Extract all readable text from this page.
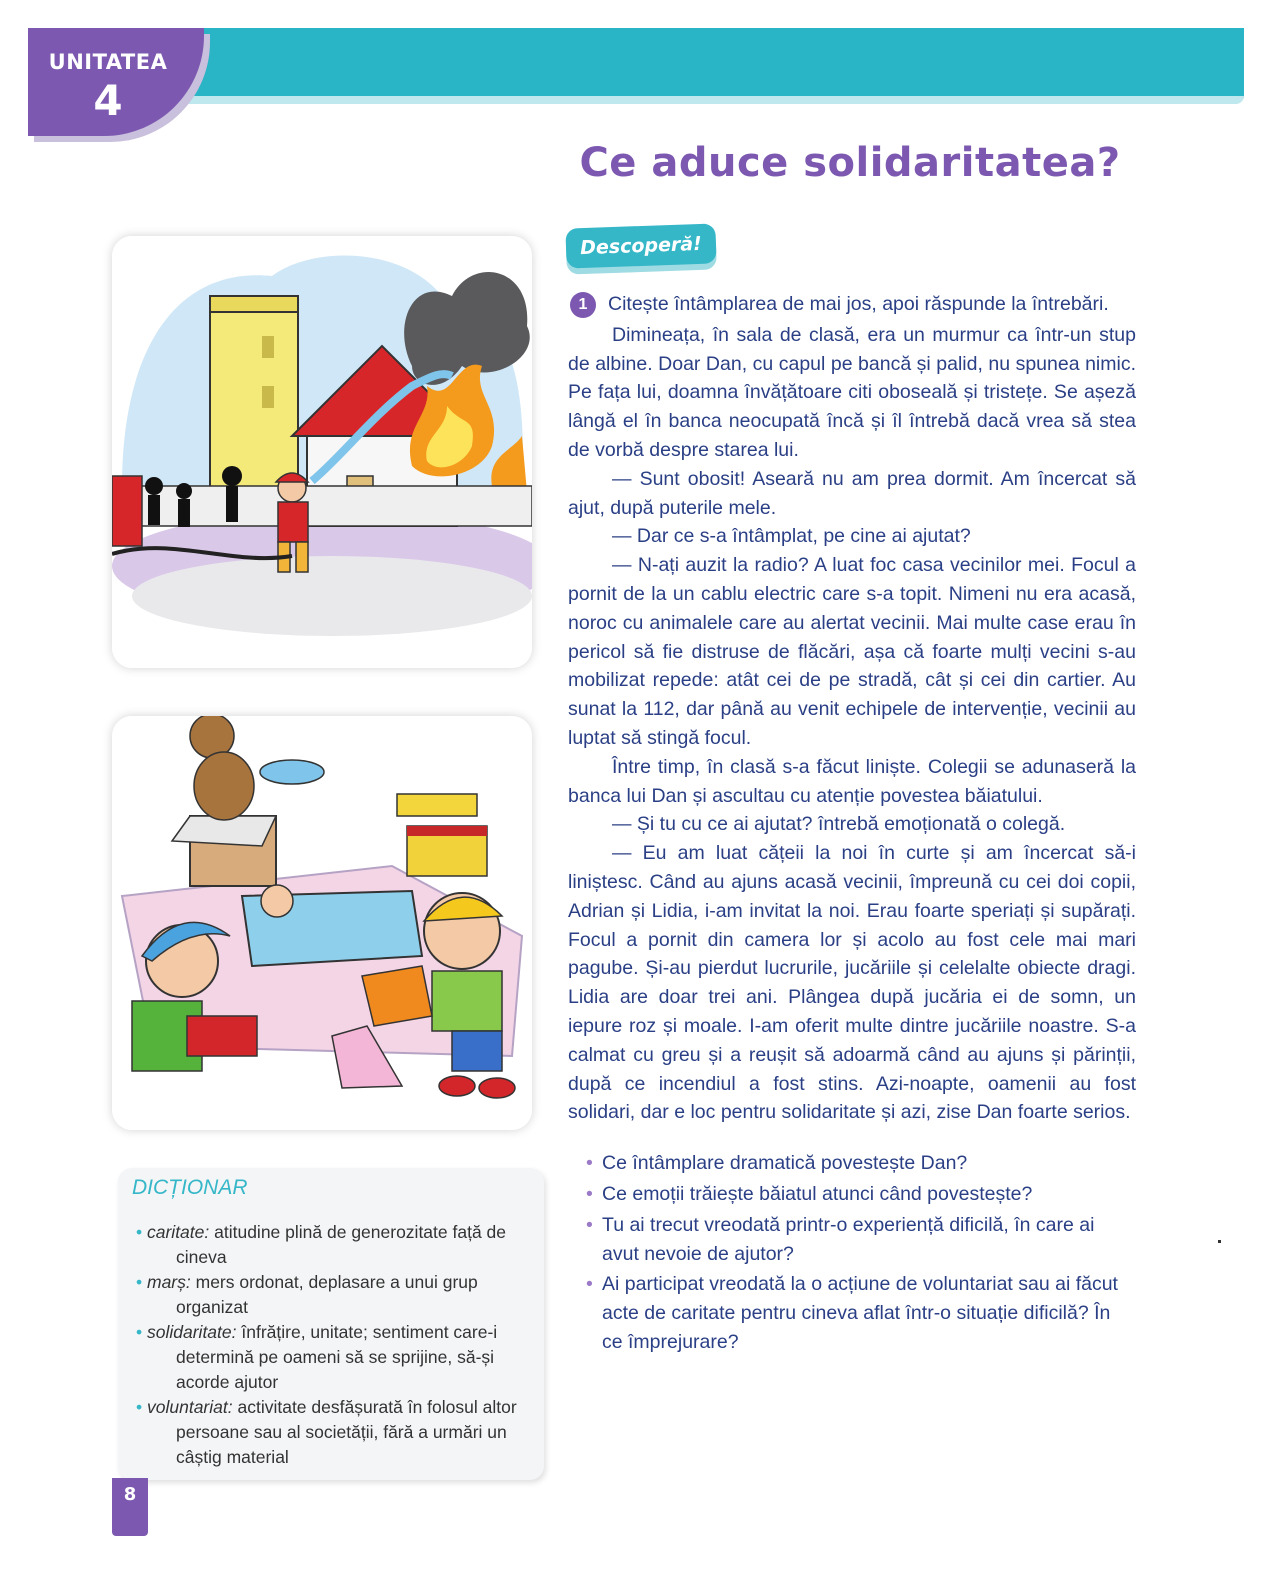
UNITATEA
4
Ce aduce solidaritatea?
DICȚIONAR
• caritate: atitudine plină de generozitate față de cineva
• marș: mers ordonat, deplasare a unui grup organizat
• solidaritate: înfrățire, unitate; sentiment care-i determină pe oameni să se sprijine, să-și acorde ajutor
• voluntariat: activitate desfășurată în folosul altor persoane sau al societății, fără a urmări un câștig material
8
Descoperă!
1	Citește întâmplarea de mai jos, apoi răspunde la întrebări.

Dimineața, în sala de clasă, era un murmur ca într-un stup de albine. Doar Dan, cu capul pe bancă și palid, nu spunea nimic. Pe fața lui, doamna învățătoare citi oboseală și tristețe. Se așeză lângă el în banca neocupată încă și îl întrebă dacă vrea să stea de vorbă despre starea lui.

— Sunt obosit! Aseară nu am prea dormit. Am încercat să ajut, după puterile mele.

— Dar ce s-a întâmplat, pe cine ai ajutat?

— N-ați auzit la radio? A luat foc casa vecinilor mei. Focul a pornit de la un cablu electric care s-a topit. Nimeni nu era acasă, noroc cu animalele care au alertat vecinii. Mai multe case erau în pericol să fie distruse de flăcări, așa că foarte mulți vecini s-au mobilizat repede: atât cei de pe stradă, cât și cei din cartier. Au sunat la 112, dar până au venit echipele de intervenție, vecinii au luptat să stingă focul.

Între timp, în clasă s-a făcut liniște. Colegii se adunaseră la banca lui Dan și ascultau cu atenție povestea băiatului.

— Și tu cu ce ai ajutat? întrebă emoționată o colegă.

— Eu am luat cățeii la noi în curte și am încercat să-i liniștesc. Când au ajuns acasă vecinii, împreună cu cei doi copii, Adrian și Lidia, i-am invitat la noi. Erau foarte speriați și supărați. Focul a pornit din camera lor și acolo au fost cele mai mari pagube. Și-au pierdut lucrurile, jucăriile și celelalte obiecte dragi. Lidia are doar trei ani. Plângea după jucăria ei de somn, un iepure roz și moale. I-am oferit multe dintre jucăriile noastre. S-a calmat cu greu și a reușit să adoarmă când au ajuns și părinții, după ce incendiul a fost stins. Azi-noapte, oamenii au fost solidari, dar e loc pentru solidaritate și azi, zise Dan foarte serios.

• Ce întâmplare dramatică povestește Dan?
• Ce emoții trăiește băiatul atunci când povestește?
• Tu ai trecut vreodată printr-o experiență dificilă, în care ai avut nevoie de ajutor?
• Ai participat vreodată la o acțiune de voluntariat sau ai făcut acte de caritate pentru cineva aflat într-o situație dificilă? În ce împrejurare?
